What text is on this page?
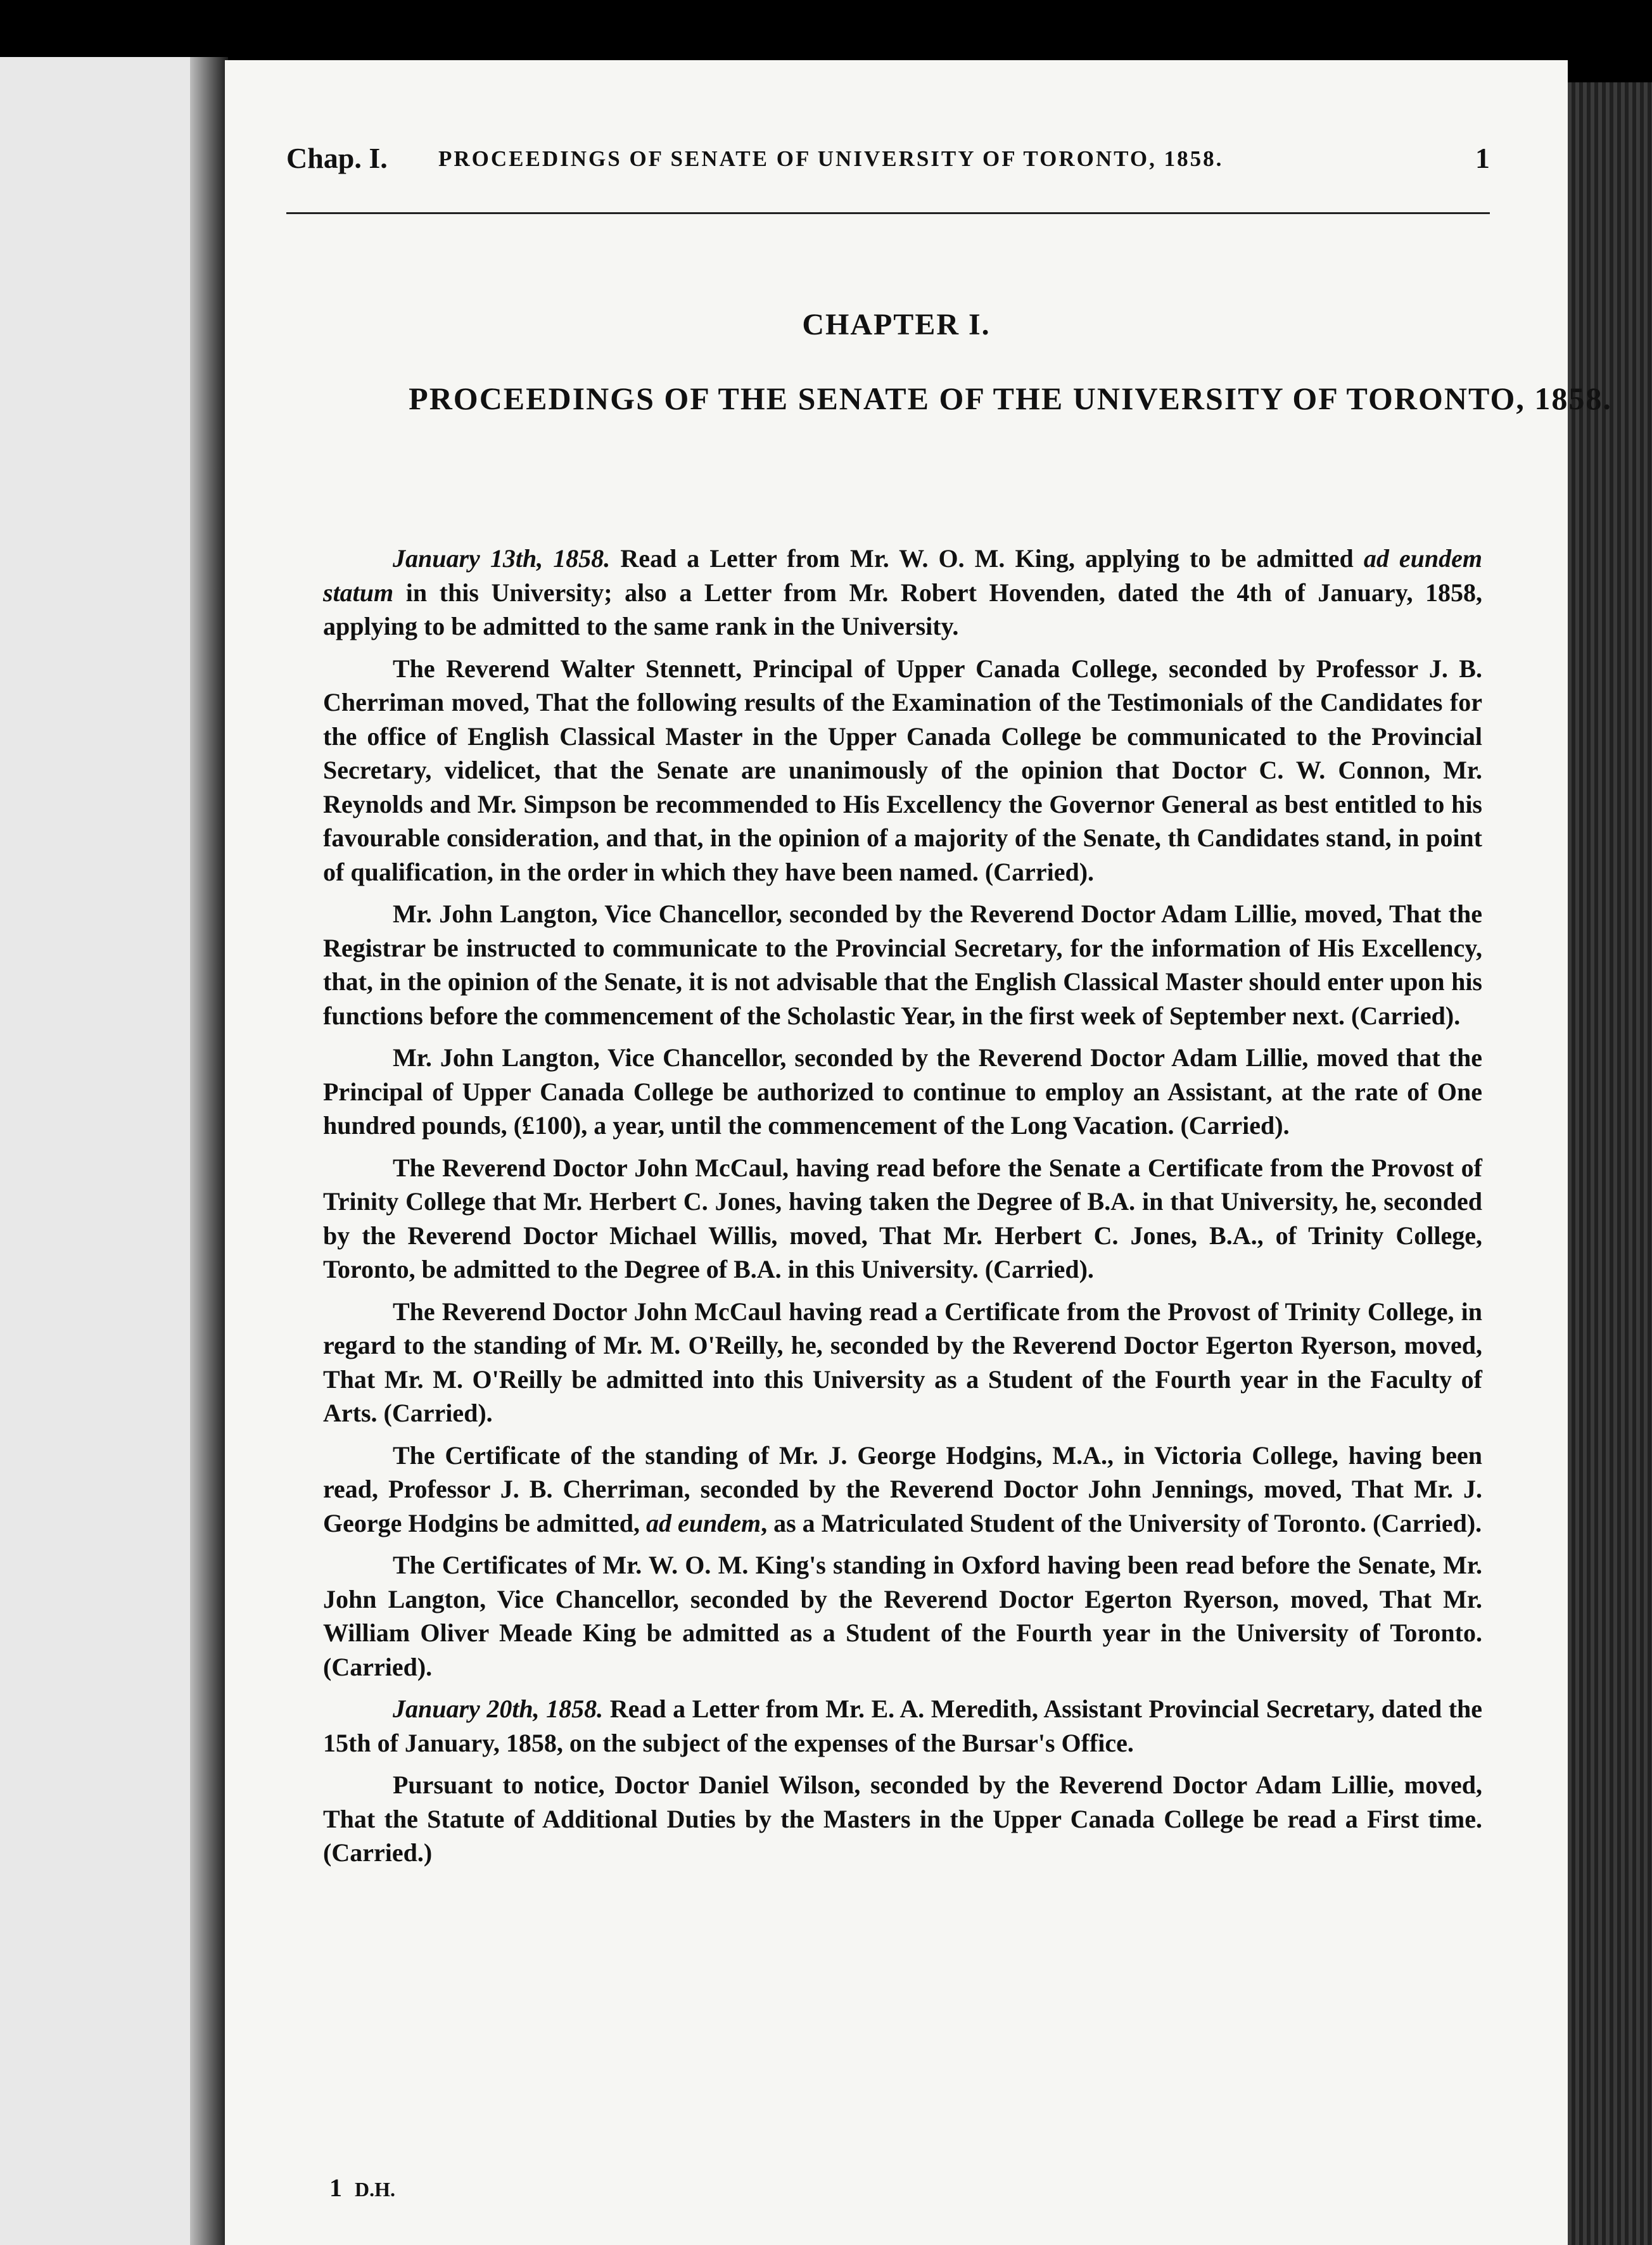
Chap. I. PROCEEDINGS OF SENATE OF UNIVERSITY OF TORONTO, 1858.	1
CHAPTER I.
PROCEEDINGS OF THE SENATE OF THE UNIVERSITY OF TORONTO, 1858.

January 13th, 1858. Read a Letter from Mr. W. O. M. King, applying to be admitted ad eundem statum in this University; also a Letter from Mr. Robert Hovenden, dated the 4th of January, 1858, applying to be admitted to the same rank in the University.

The Reverend Walter Stennett, Principal of Upper Canada College, seconded by Professor J. B. Cherriman moved, That the following results of the Examination of the Testimonials of the Candidates for the office of English Classical Master in the Upper Canada College be communicated to the Provincial Secretary, videlicet, that the Senate are unanimously of the opinion that Doctor C. W. Connon, Mr. Reynolds and Mr. Simpson be recommended to His Excellency the Governor General as best entitled to his favourable consideration, and that, in the opinion of a majority of the Senate, th Candidates stand, in point of qualification, in the order in which they have been named. (Carried).

Mr. John Langton, Vice Chancellor, seconded by the Reverend Doctor Adam Lillie, moved, That the Registrar be instructed to communicate to the Provincial Secretary, for the information of His Excellency, that, in the opinion of the Senate, it is not advisable that the English Classical Master should enter upon his functions before the commencement of the Scholastic Year, in the first week of September next. (Carried).

Mr. John Langton, Vice Chancellor, seconded by the Reverend Doctor Adam Lillie, moved that the Principal of Upper Canada College be authorized to continue to employ an Assistant, at the rate of One hundred pounds, (£100), a year, until the commencement of the Long Vacation. (Carried).

The Reverend Doctor John McCaul, having read before the Senate a Certificate from the Provost of Trinity College that Mr. Herbert C. Jones, having taken the Degree of B.A. in that University, he, seconded by the Reverend Doctor Michael Willis, moved, That Mr. Herbert C. Jones, B.A., of Trinity College, Toronto, be admitted to the Degree of B.A. in this University. (Carried).

The Reverend Doctor John McCaul having read a Certificate from the Provost of Trinity College, in regard to the standing of Mr. M. O'Reilly, he, seconded by the Reverend Doctor Egerton Ryerson, moved, That Mr. M. O'Reilly be admitted into this University as a Student of the Fourth year in the Faculty of Arts. (Carried).

The Certificate of the standing of Mr. J. George Hodgins, M.A., in Victoria College, having been read, Professor J. B. Cherriman, seconded by the Reverend Doctor John Jennings, moved, That Mr. J. George Hodgins be admitted, ad eundem, as a Matriculated Student of the University of Toronto. (Carried).

The Certificates of Mr. W. O. M. King's standing in Oxford having been read before the Senate, Mr. John Langton, Vice Chancellor, seconded by the Reverend Doctor Egerton Ryerson, moved, That Mr. William Oliver Meade King be admitted as a Student of the Fourth year in the University of Toronto. (Carried).

January 20th, 1858. Read a Letter from Mr. E. A. Meredith, Assistant Provincial Secretary, dated the 15th of January, 1858, on the subject of the expenses of the Bursar's Office.

Pursuant to notice, Doctor Daniel Wilson, seconded by the Reverend Doctor Adam Lillie, moved, That the Statute of Additional Duties by the Masters in the Upper Canada College be read a First time. (Carried.)

1 D.H.
